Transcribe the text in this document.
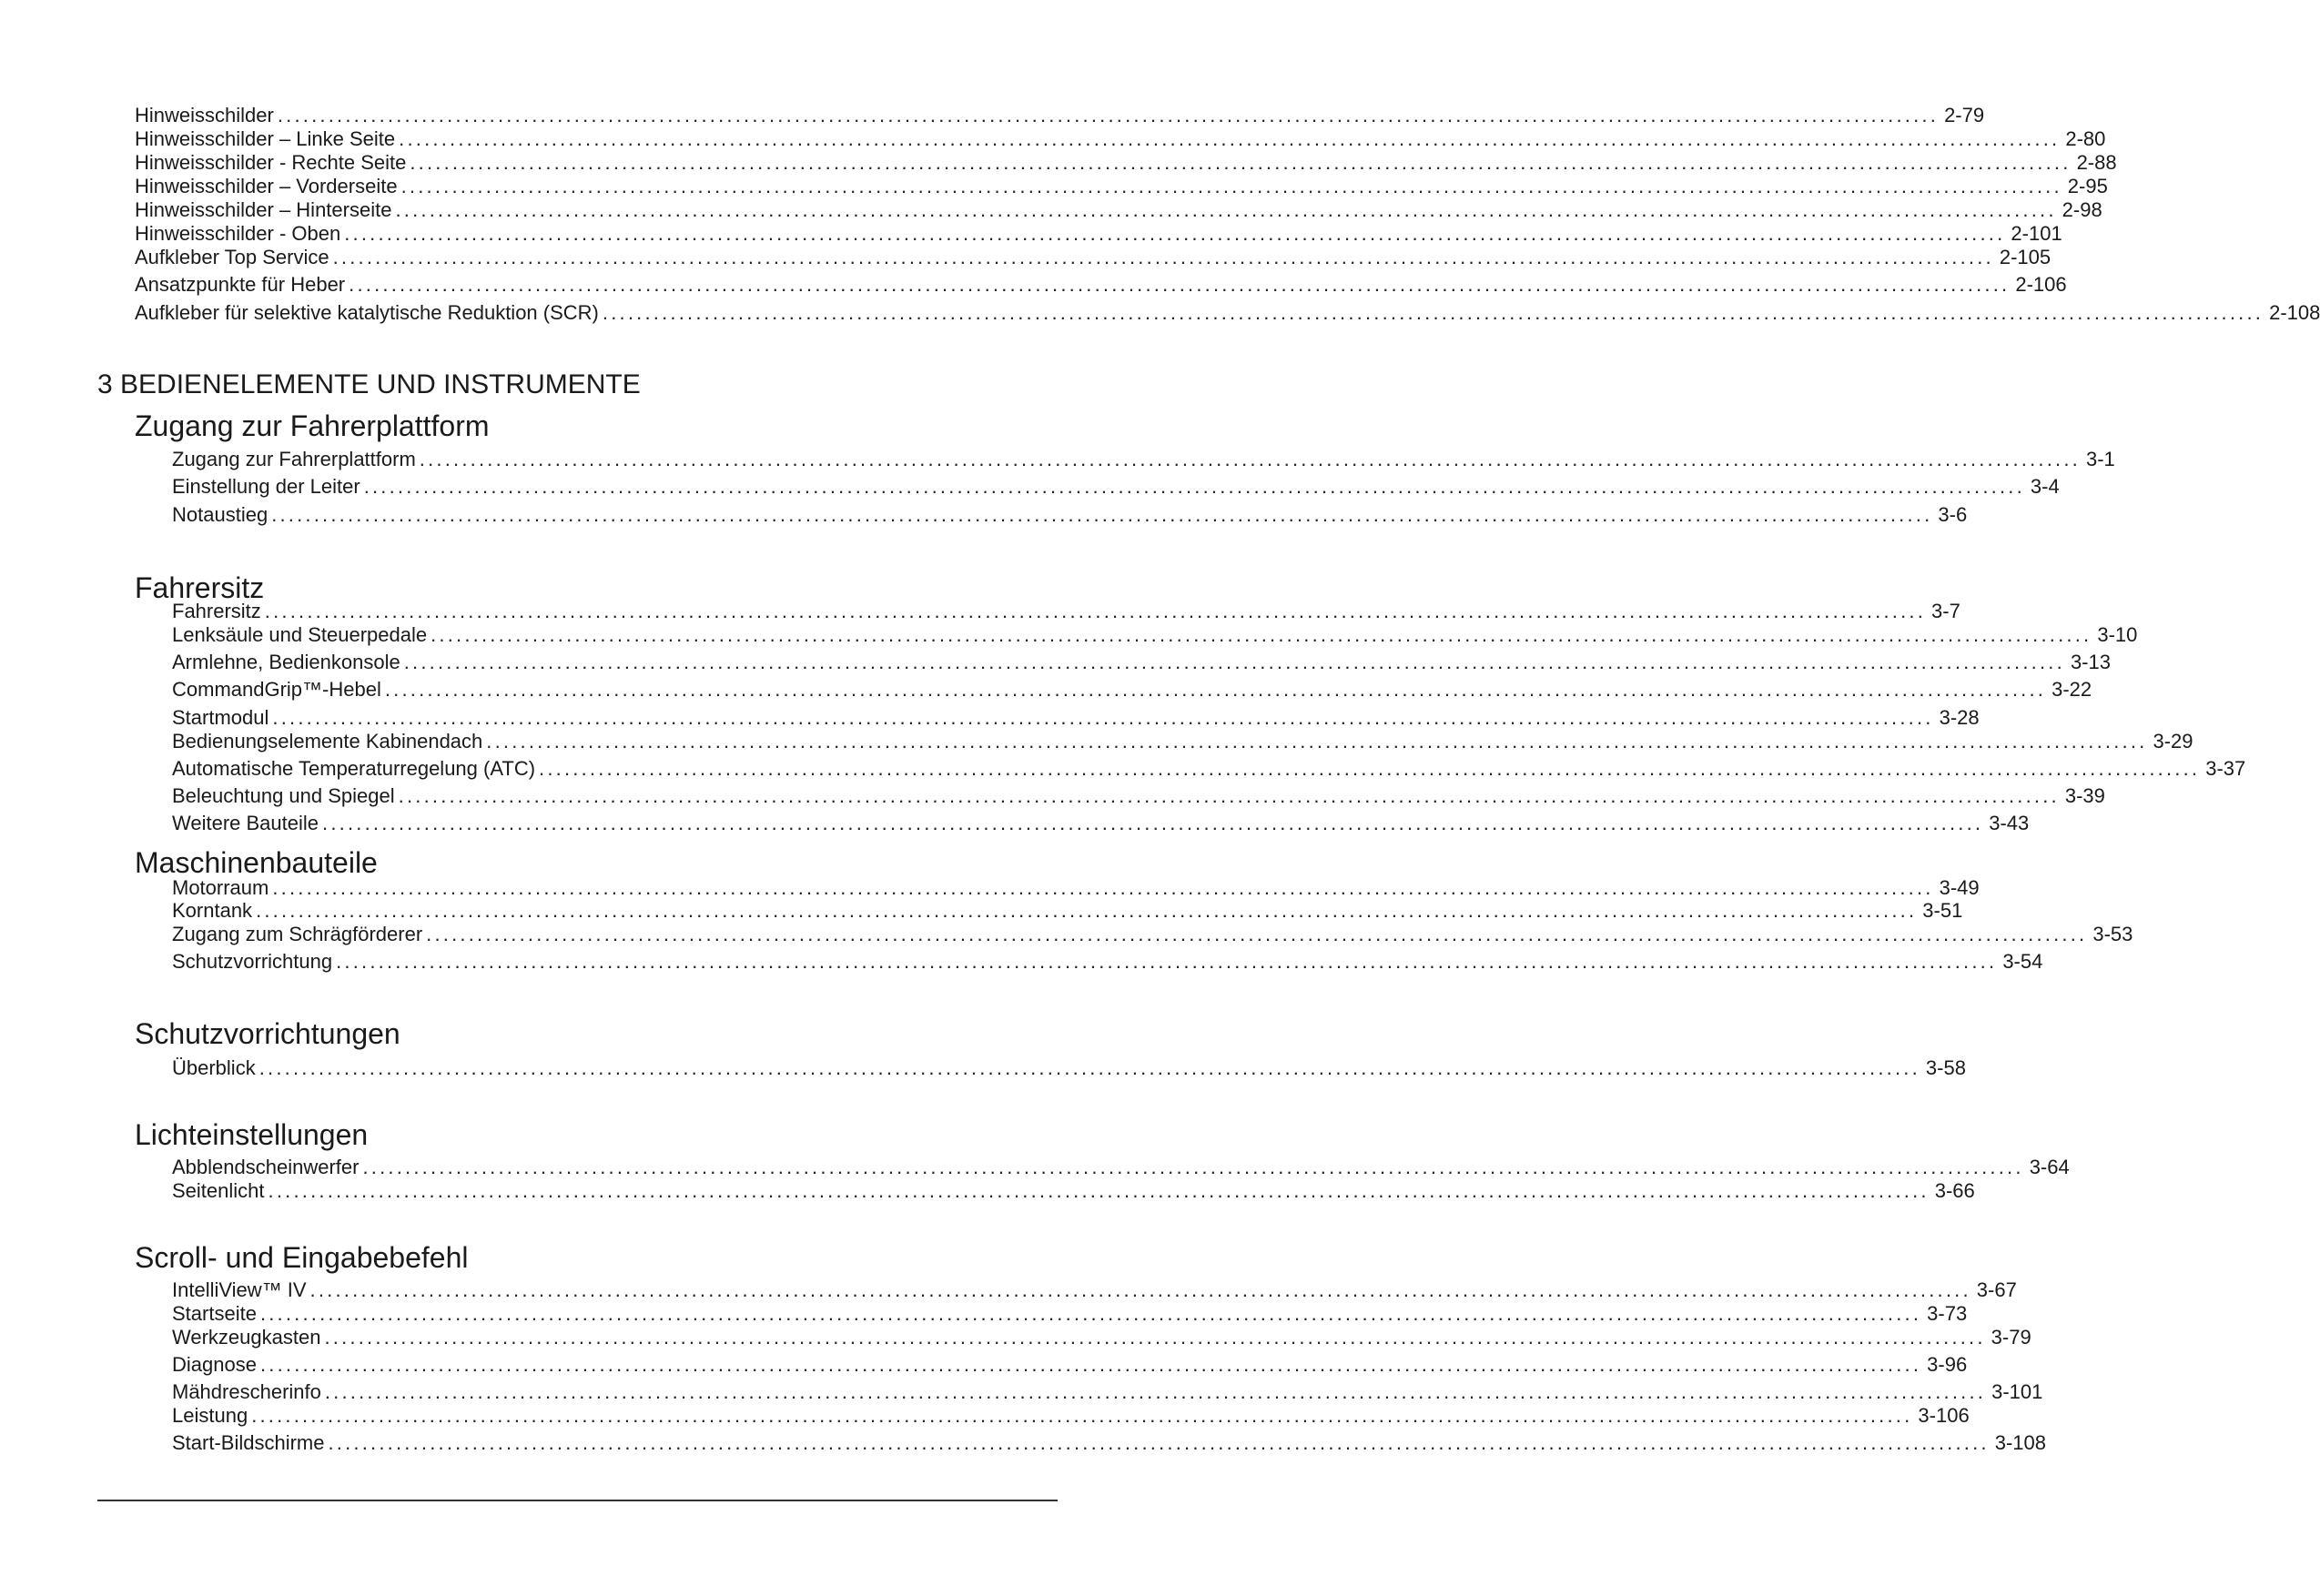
Hinweisschilder .................................................................................................................................................................................................... 2-79
Hinweisschilder – Linke Seite .................................................................................................................................................................................................... 2-80
Hinweisschilder - Rechte Seite .................................................................................................................................................................................................... 2-88
Hinweisschilder – Vorderseite .................................................................................................................................................................................................... 2-95
Hinweisschilder – Hinterseite .................................................................................................................................................................................................... 2-98
Hinweisschilder - Oben .................................................................................................................................................................................................... 2-101
Aufkleber Top Service .................................................................................................................................................................................................... 2-105
Ansatzpunkte für Heber .................................................................................................................................................................................................... 2-106
Aufkleber für selektive katalytische Reduktion (SCR) .................................................................................................................................................................................................... 2-108
3 BEDIENELEMENTE UND INSTRUMENTE
Zugang zur Fahrerplattform
Zugang zur Fahrerplattform .................................................................................................................................................................................................... 3-1
Einstellung der Leiter .................................................................................................................................................................................................... 3-4
Notaustieg .................................................................................................................................................................................................... 3-6
Fahrersitz
Fahrersitz .................................................................................................................................................................................................... 3-7
Lenksäule und Steuerpedale .................................................................................................................................................................................................... 3-10
Armlehne, Bedienkonsole .................................................................................................................................................................................................... 3-13
CommandGrip™-Hebel .................................................................................................................................................................................................... 3-22
Startmodul .................................................................................................................................................................................................... 3-28
Bedienungselemente Kabinendach .................................................................................................................................................................................................... 3-29
Automatische Temperaturregelung (ATC) .................................................................................................................................................................................................... 3-37
Beleuchtung und Spiegel .................................................................................................................................................................................................... 3-39
Weitere Bauteile .................................................................................................................................................................................................... 3-43
Maschinenbauteile
Motorraum .................................................................................................................................................................................................... 3-49
Korntank .................................................................................................................................................................................................... 3-51
Zugang zum Schrägförderer .................................................................................................................................................................................................... 3-53
Schutzvorrichtung .................................................................................................................................................................................................... 3-54
Schutzvorrichtungen
Überblick .................................................................................................................................................................................................... 3-58
Lichteinstellungen
Abblendscheinwerfer .................................................................................................................................................................................................... 3-64
Seitenlicht .................................................................................................................................................................................................... 3-66
Scroll- und Eingabebefehl
IntelliView™ IV .................................................................................................................................................................................................... 3-67
Startseite .................................................................................................................................................................................................... 3-73
Werkzeugkasten .................................................................................................................................................................................................... 3-79
Diagnose .................................................................................................................................................................................................... 3-96
Mähdrescherinfo .................................................................................................................................................................................................... 3-101
Leistung .................................................................................................................................................................................................... 3-106
Start-Bildschirme .................................................................................................................................................................................................... 3-108
